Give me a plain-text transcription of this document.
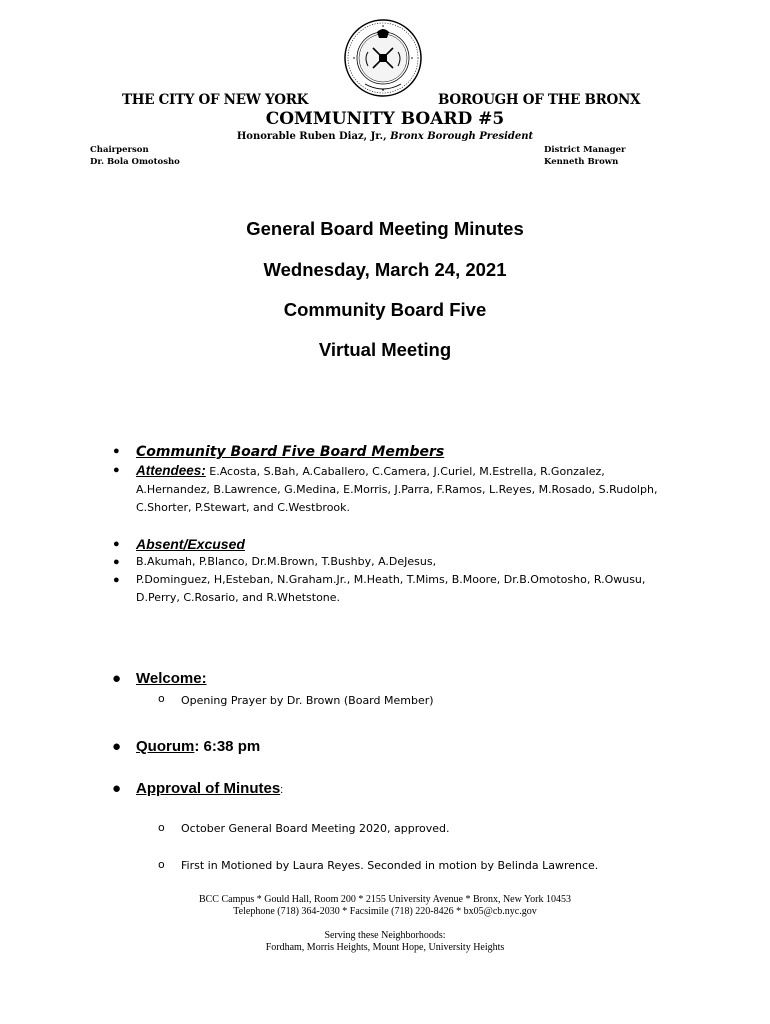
THE CITY OF NEW YORK	BOROUGH OF THE BRONX
COMMUNITY BOARD #5
Honorable Ruben Diaz, Jr., Bronx Borough President
Chairperson
Dr. Bola Omotosho
District Manager
Kenneth Brown
General Board Meeting Minutes
Wednesday, March 24, 2021
Community Board Five
Virtual Meeting
● Community Board Five Board Members
● Attendees: E.Acosta, S.Bah, A.Caballero, C.Camera, J.Curiel, M.Estrella, R.Gonzalez,
A.Hernandez, B.Lawrence, G.Medina, E.Morris, J.Parra, F.Ramos, L.Reyes, M.Rosado, S.Rudolph,
C.Shorter, P.Stewart, and C.Westbrook.
● Absent/Excused
● B.Akumah, P.Blanco, Dr.M.Brown, T.Bushby, A.DeJesus,
● P.Dominguez, H,Esteban, N.Graham.Jr., M.Heath, T.Mims, B.Moore, Dr.B.Omotosho, R.Owusu,
D.Perry, C.Rosario, and R.Whetstone.
● Welcome:
o Opening Prayer by Dr. Brown (Board Member)
● Quorum: 6:38 pm
● Approval of Minutes:
o October General Board Meeting 2020, approved.
o First in Motioned by Laura Reyes. Seconded in motion by Belinda Lawrence.
BCC Campus * Gould Hall, Room 200 * 2155 University Avenue * Bronx, New York 10453
Telephone (718) 364-2030 * Facsimile (718) 220-8426 * bx05@cb.nyc.gov
Serving these Neighborhoods:
Fordham, Morris Heights, Mount Hope, University Heights
